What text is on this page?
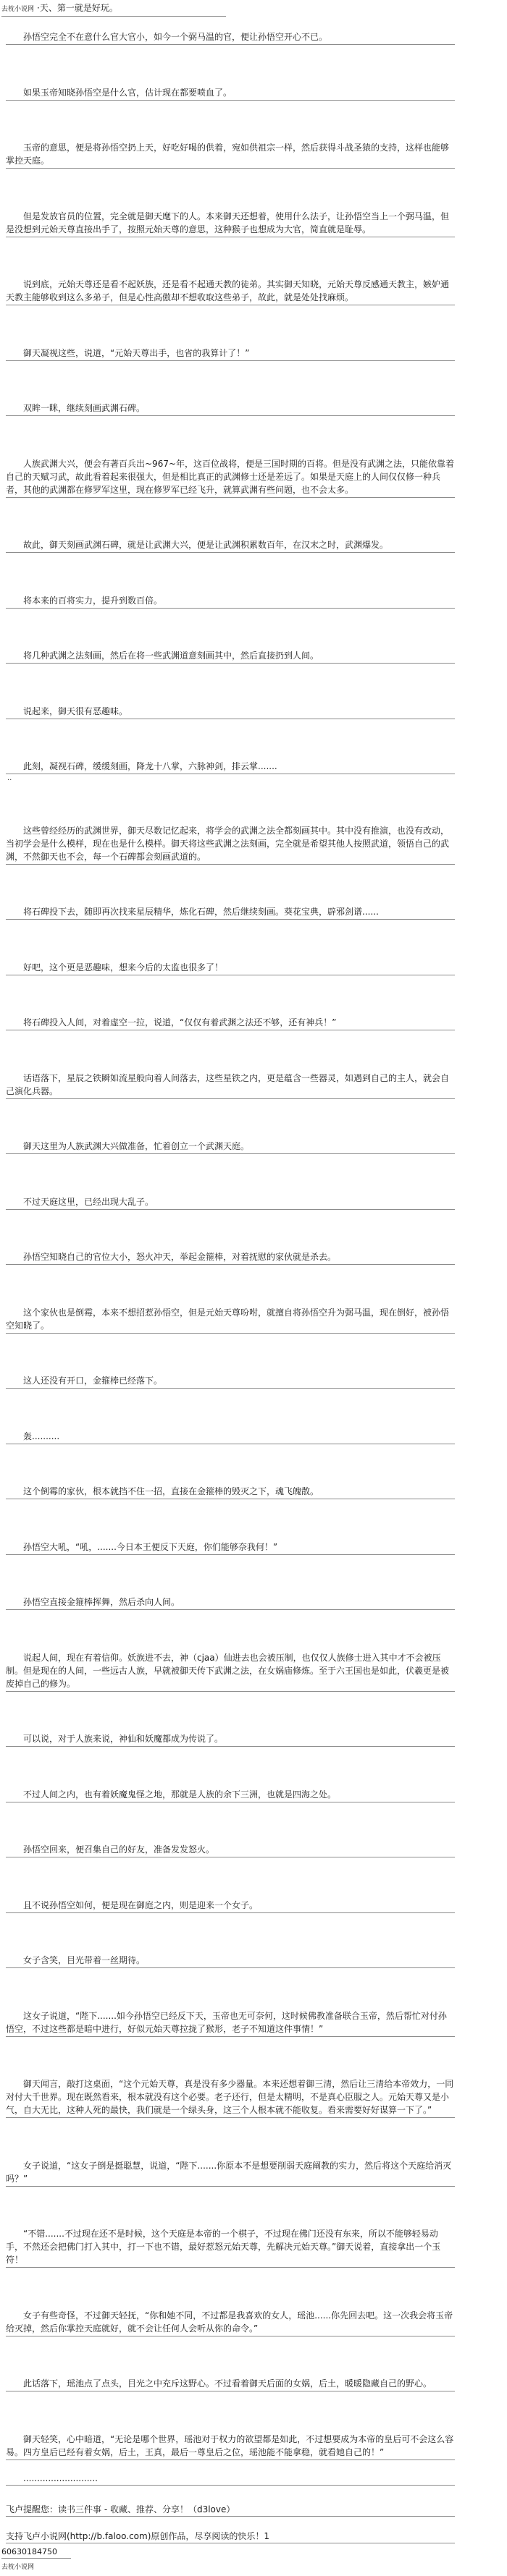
去枕小说网 ·天、第一就是好玩。

孙悟空完全不在意什么官大官小，如今一个弼马温的官，便让孙悟空开心不已。

如果玉帝知晓孙悟空是什么官，估计现在都要喷血了。

玉帝的意思，便是将孙悟空扔上天，好吃好喝的供着，宛如供祖宗一样，然后获得斗战圣猿的支持，这样也能够掌控天庭。

但是发放官员的位置，完全就是御天麾下的人。本来御天还想着，使用什么法子，让孙悟空当上一个弼马温，但是没想到元始天尊直接出手了，按照元始天尊的意思，这种猴子也想成为大官，简直就是耻辱。

说到底，元始天尊还是看不起妖族，还是看不起通天教的徒弟。其实御天知晓，元始天尊反感通天教主，嫉妒通天教主能够收到这么多弟子，但是心性高傲却不想收取这些弟子，故此，就是处处找麻烦。

御天凝视这些，说道，“元始天尊出手，也省的我算计了！”

双眸一眯，继续刻画武渊石碑。

人族武渊大兴，便会有著百兵出~967~年，这百位战将，便是三国时期的百将。但是没有武渊之法，只能依靠着自己的天赋习武，故此看着起来很强大，但是相比真正的武渊修士还是差远了。如果是天庭上的人间仅仅修一种兵者，其他的武渊都在修罗军这里，现在修罗军已经飞升，就算武渊有些问题，也不会太多。

故此，御天刻画武渊石碑，就是让武渊大兴，便是让武渊积累数百年，在汉末之时，武渊爆发。

将本来的百将实力，提升到数百倍。

将几种武渊之法刻画，然后在将一些武渊道意刻画其中，然后直接扔到人间。

说起来，御天很有恶趣味。

此刻，凝视石碑，缓缓刻画，降龙十八掌，六脉神剑，排云掌.......

..

这些曾经经历的武渊世界，御天尽数记忆起来，将学会的武渊之法全都刻画其中。其中没有推演，也没有改动，当初学会是什么模样，现在也是什么模样。御天将这些武渊之法刻画，完全就是希望其他人按照武道，领悟自己的武渊，不然御天也不会，每一个石碑都会刻画武道的。

将石碑投下去，随即再次找来星辰精华，炼化石碑，然后继续刻画。葵花宝典，辟邪剑谱......

好吧，这个更是恶趣味，想来今后的太监也很多了！

将石碑投入人间，对着虚空一拉，说道，“仅仅有着武渊之法还不够，还有神兵！”

话语落下，星辰之铁瞬如流星般向着人间落去，这些星铁之内，更是蕴含一些器灵，如遇到自己的主人，就会自己演化兵器。

御天这里为人族武渊大兴做准备，忙着创立一个武渊天庭。

不过天庭这里，已经出现大乱子。

孙悟空知晓自己的官位大小，怒火冲天，举起金箍棒，对着抚慰的家伙就是杀去。

这个家伙也是倒霉，本来不想招惹孙悟空，但是元始天尊吩咐，就擅自将孙悟空升为弼马温，现在倒好，被孙悟空知晓了。

这人还没有开口，金箍棒已经落下。

轰..........

这个倒霉的家伙，根本就挡不住一招，直接在金箍棒的毁灭之下，魂飞魄散。

孙悟空大吼，“吼，.......今日本王便反下天庭，你们能够奈我何！”

孙悟空直接金箍棒挥舞，然后杀向人间。

说起人间，现在有着信仰。妖族进不去，神（cjaa）仙进去也会被压制，也仅仅人族修士进入其中才不会被压制。但是现在的人间，一些远古人族，早就被御天传下武渊之法，在女娲庙修炼。至于六王国也是如此，伏羲更是被废掉自己的修为。

可以说，对于人族来说，神仙和妖魔都成为传说了。

不过人间之内，也有着妖魔鬼怪之地，那就是人族的余下三洲，也就是四海之处。

孙悟空回来，便召集自己的好友，准备发发怒火。

且不说孙悟空如何，便是现在御庭之内，则是迎来一个女子。

女子含笑，目光带着一丝期待。

这女子说道，“陛下.......如今孙悟空已经反下天，玉帝也无可奈何，这时候佛教准备联合玉帝，然后帮忙对付孙悟空，不过这些都是暗中进行，好似元始天尊拉拢了猴形，老子不知道这件事情！”

御天闻言，敲打这桌面，“这个元始天尊，真是没有多少器量。本来还想着御三清，然后让三清给本帝效力，一同对付大千世界。现在既然看来，根本就没有这个必要。老子还行，但是太精明，不是真心臣服之人。元始天尊又是小气，自大无比，这种人死的最快，我们就是一个绿头身，这三个人根本就不能收复。看来需要好好谋算一下了。”

女子说道，“这女子倒是挺聪慧，说道，“陛下.......你原本不是想要削弱天庭阐教的实力，然后将这个天庭给消灭吗？”

“不错.......不过现在还不是时候，这个天庭是本帝的一个棋子，不过现在佛门还没有东来，所以不能够轻易动手，不然还会把佛门打入其中，打一下也不错，最好惹怒元始天尊，先解决元始天尊。”御天说着，直接拿出一个玉符！

女子有些奇怪，不过御天轻抚，“你和她不同，不过都是我喜欢的女人，瑶池......你先回去吧。这一次我会将玉帝给灭掉，然后你掌控天庭就好，就不会让任何人会听从你的命令。”

此话落下，瑶池点了点头，目光之中充斥这野心。不过看着御天后面的女娲，后土，暖暖隐藏自己的野心。

御天轻笑，心中暗道，“无论是哪个世界，瑶池对于权力的欲望都是如此，不过想要成为本帝的皇后可不会这么容易。四方皇后已经有着女娲，后土，王真，最后一尊皇后之位，瑶池能不能拿稳，就看她自己的！”

...........................
飞卢提醒您：读书三件事 - 收藏、推荐、分享！（d3love）
支持飞卢小说网(http://b.faloo.com)原创作品，尽享阅读的快乐！1
60630184750
去枕小说网
